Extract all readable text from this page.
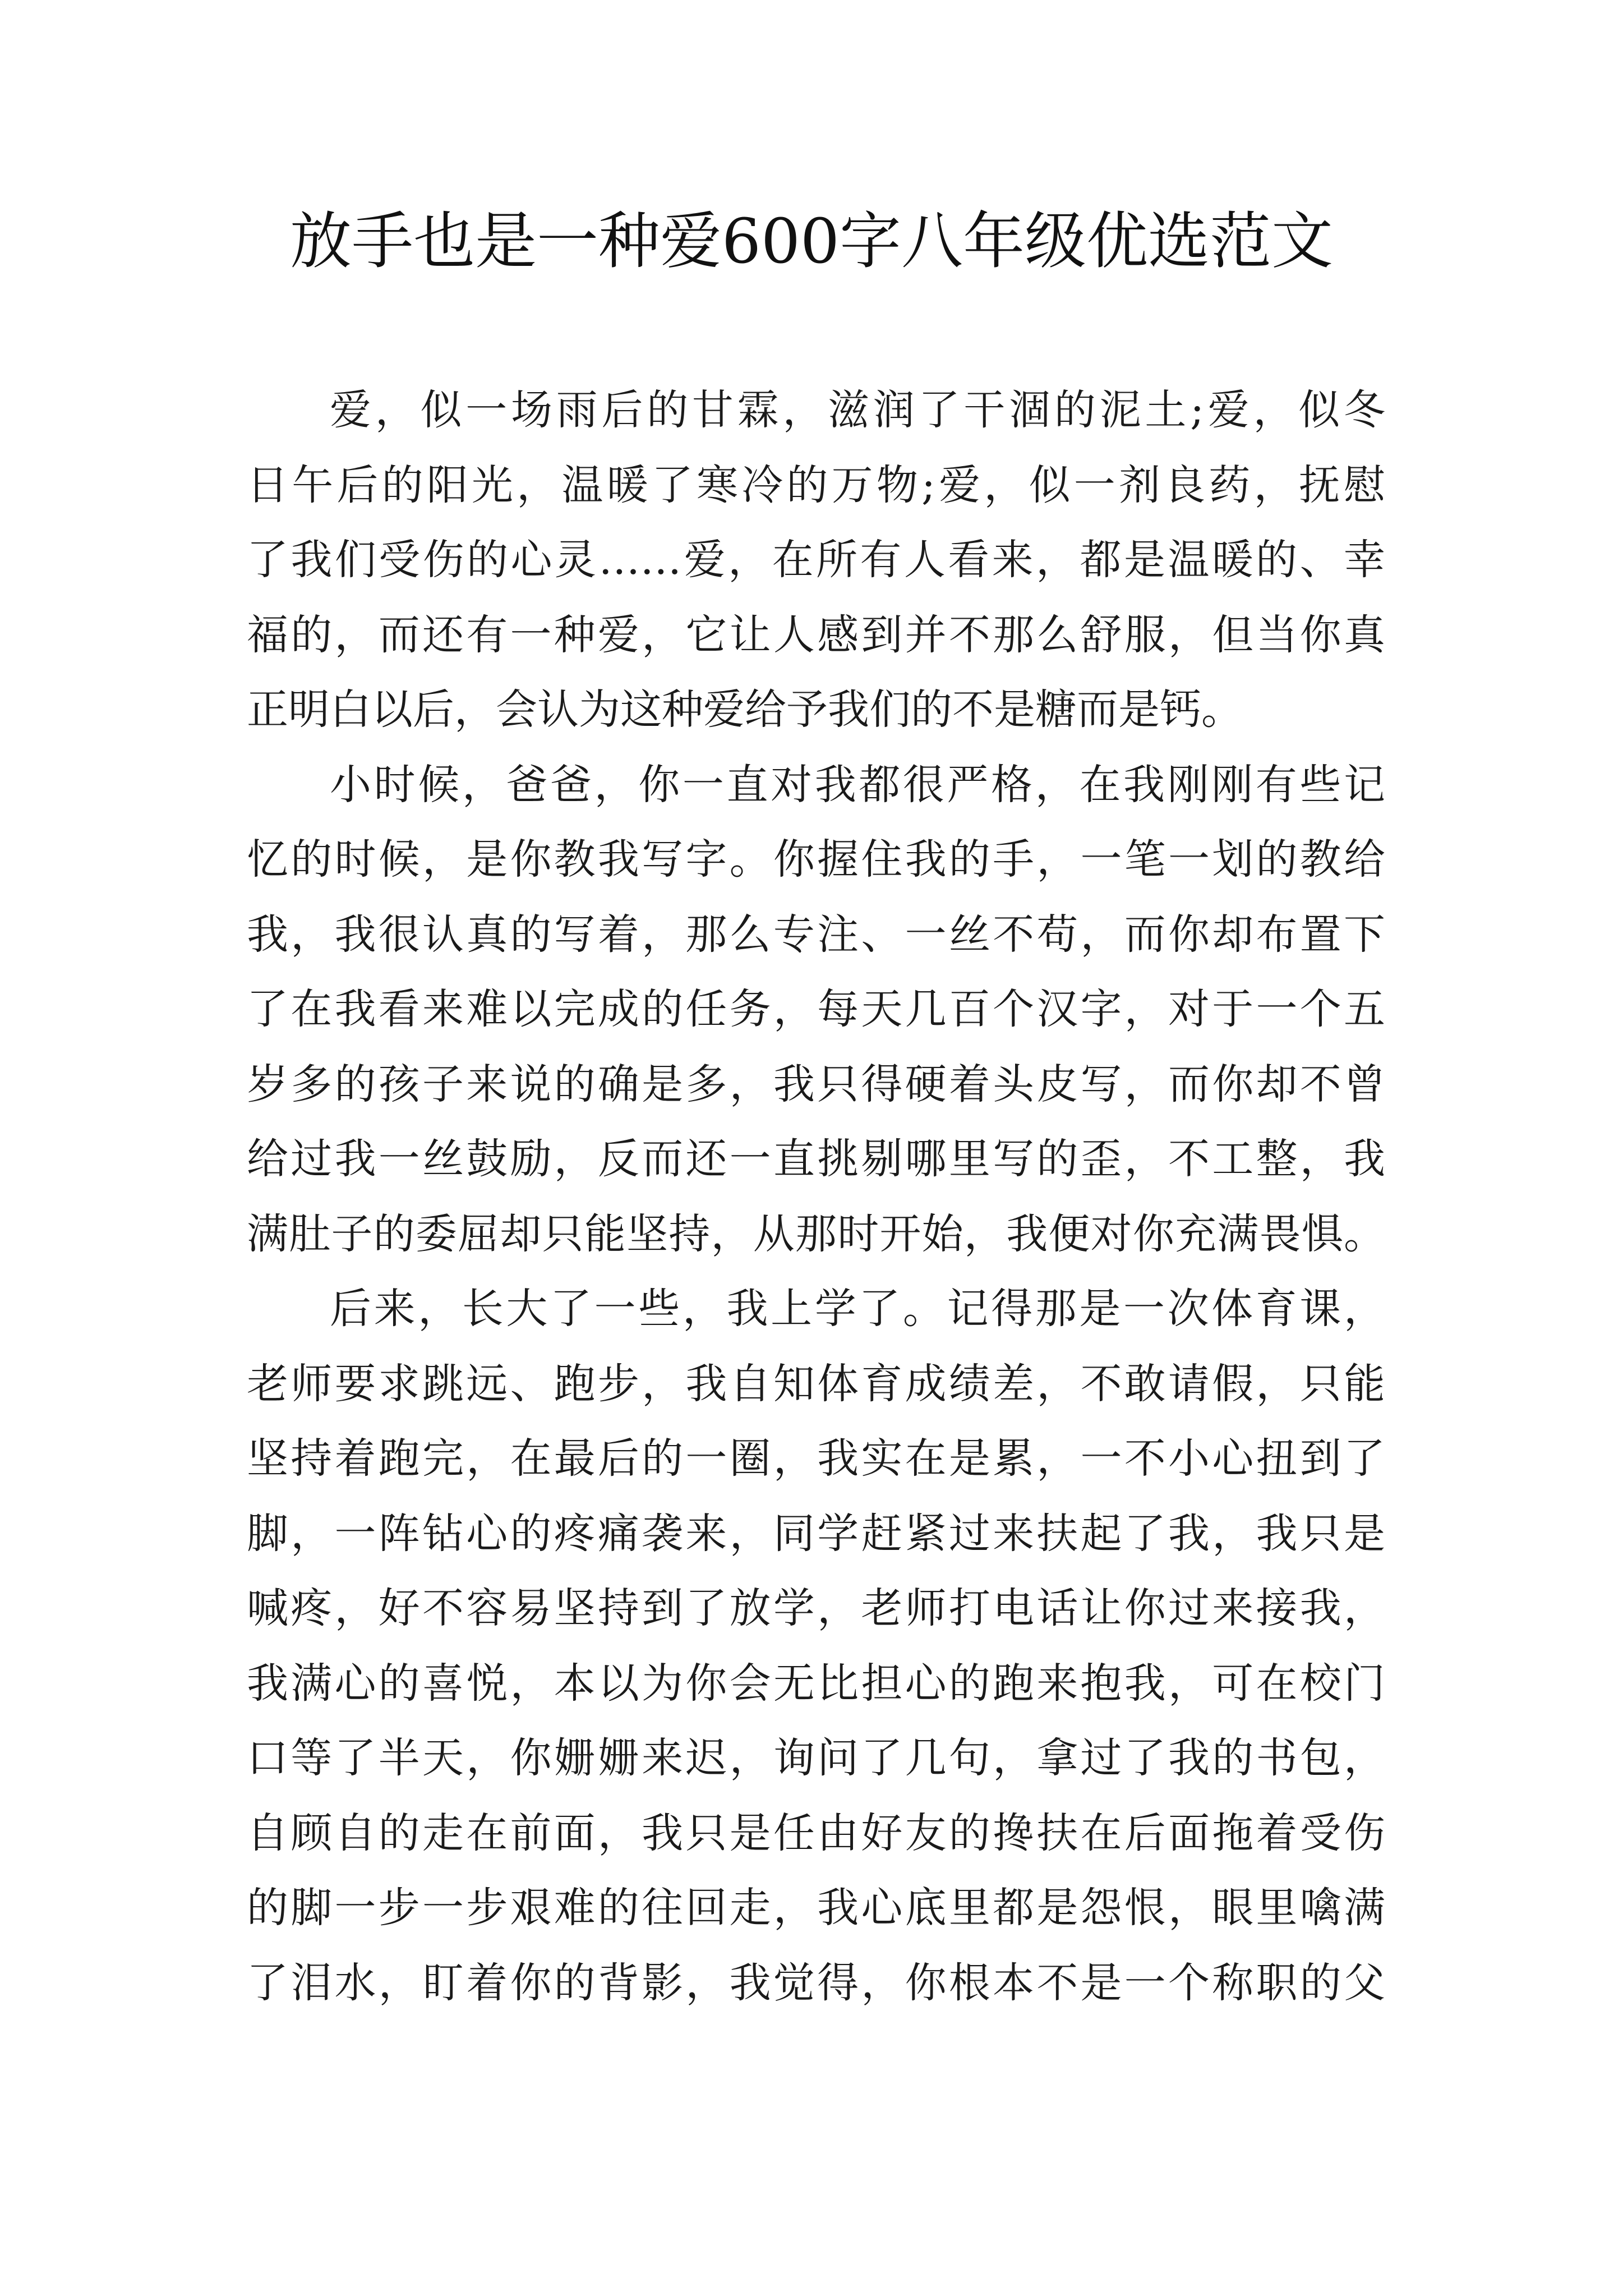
放手也是一种爱600字八年级优选范文
爱，似一场雨后的甘霖，滋润了干涸的泥土;爱，似冬
日午后的阳光，温暖了寒冷的万物;爱，似一剂良药，抚慰
了我们受伤的心灵……爱，在所有人看来，都是温暖的、幸
福的，而还有一种爱，它让人感到并不那么舒服，但当你真
正明白以后，会认为这种爱给予我们的不是糖而是钙。
小时候，爸爸，你一直对我都很严格，在我刚刚有些记
忆的时候，是你教我写字。你握住我的手，一笔一划的教给
我，我很认真的写着，那么专注、一丝不苟，而你却布置下
了在我看来难以完成的任务，每天几百个汉字，对于一个五
岁多的孩子来说的确是多，我只得硬着头皮写，而你却不曾
给过我一丝鼓励，反而还一直挑剔哪里写的歪，不工整，我
满肚子的委屈却只能坚持，从那时开始，我便对你充满畏惧。
后来，长大了一些，我上学了。记得那是一次体育课，
老师要求跳远、跑步，我自知体育成绩差，不敢请假，只能
坚持着跑完，在最后的一圈，我实在是累，一不小心扭到了
脚，一阵钻心的疼痛袭来，同学赶紧过来扶起了我，我只是
喊疼，好不容易坚持到了放学，老师打电话让你过来接我，
我满心的喜悦，本以为你会无比担心的跑来抱我，可在校门
口等了半天，你姗姗来迟，询问了几句，拿过了我的书包，
自顾自的走在前面，我只是任由好友的搀扶在后面拖着受伤
的脚一步一步艰难的往回走，我心底里都是怨恨，眼里噙满
了泪水，盯着你的背影，我觉得，你根本不是一个称职的父
